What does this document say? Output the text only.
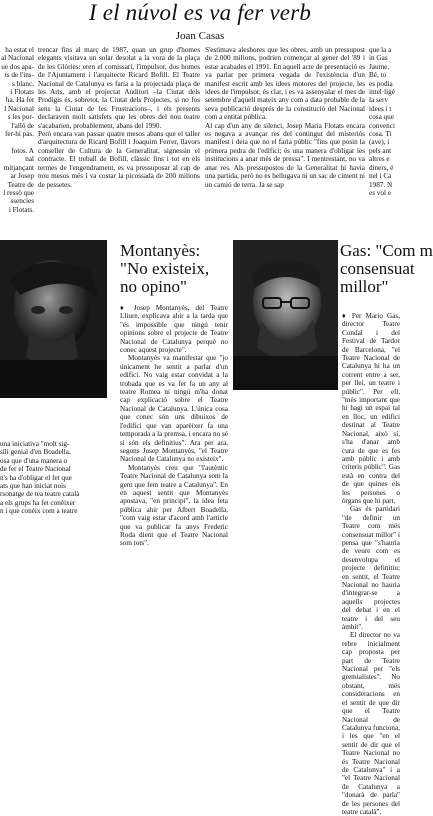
I el núvol es va fer verb
Joan Casas
ha estat el
al Nacional
ue dos apa-
ts de l'ins-
s blanc,
i Flotats
ha. Ha fet
l Nacional
s les por-
l'alló de
fer-hi pas.

fotos. A
nal mitjançant
ar Josep
Teatre de
l ressò que
ssencies
i Flotats.
trencar fins al març de 1987, quan un grup d'homes elegants visitava un solar desolat a la vora de la plaça de les Glòries: eren el comissari, l'impulsor, dos homes de l'Ajuntament i l'arquitecte Ricard Bofill. El Teatre Nacional de Catalunya es faria a la projectada plaça de les Arts, amb el projectat Auditori –la Ciutat dels Prodigis és, sobretot, la Ciutat dels Projectes, si no fos sens la Ciutat de les Frustracions–, i els presents declaraven molt satisfets que les obres del nou teatre s'acabarien, probablement, abans del 1990.
Però encara van passar quatre mesos abans que el taller d'arquitectura de Ricard Bofill i Joaquim Ferrer, llavors conseller de Cultura de la Generalitat, signessin el contracte. El treball de Bofill, clàssic fins i tot en els termes de l'engendrament, es va pressuposar al cap de nou mesos més i va costar la picossada de 200 milions de pessetes.
S'estimava aleshores que les obres, amb un pressupost de 2.000 milions, podrien començar al gener del '89 i estar acabades el 1991. En aquell acte de presentació es va parlar per primera vegada de l'existència d'un manifest escrit amb les idees motores del projecte, les idees de l'impulsor, és clar, i es va assenyalar el mes de setembre d'aquell mateix any com a data probable de la seva publicació després de la constitució del Nacional com a entitat pública.
Al cap d'un any de silenci, Josep Maria Flotats encara es negava a avançar res del contingut del misteriós manifest i deia que no el faria públic "fins que posin la primera pedra de l'edifici; és una manera d'obligar les institucions a anar més de pressa". I mentrestant, no va anar res. Als pressupostos de la Generalitat hi havia una partida, però no es bellugava ni un sac de ciment ni un camió de terra. Ja se sap
que la a
in Gas
Jaume.
Bé, to
es podia
intel·ligè
la serv
idees i t
cosa que
convenci
cosa. Ti
(ave), i
pels ant
altres e
diners, é
nel i Ca
1987. N
es vol e
una iniciativa "molt sig-
síli genial d'en Boadella,
osa que d'una manera o
de fer el Teatre Nacional
n's ha d'obligar el fet que
ats que han iniciat nois
rsonatge de tea teatre català
a els grups ha fet conèixer
n i que conèix com a teatre
Montanyès:
"No existeix,
no opino"

♦ Josep Montanyès, del Teatre Lliure, explicava ahir a la tarda que "és impossible que ningú tenir opinions sobre el projecte de Teatre Nacional de Catalunya perquè no conec aquest projecte".

Montanyès va manifestar que "jo únicament he sentit a parlar d'un edifici. No vaig estar convidat a la trobada que es va fer fa un any al teatre Romea ni ningú m'ha donat cap explicació sobre el Teatre Nacional de Catalunya. L'única cosa que conec són uns dibuixos de l'edifici que van aparèixer fa una temporada a la premsa, i encara no sé si són els definitius". Ara per ara, segons Josep Montanyès, "el Teatre Nacional de Catalunya no existeix".

Montanyès creu que "l'autèntic Teatre Nacional de Catalunya som la gent que fem teatre a Catalunya". En en aquest sentit que Montanyès apostava, "en principi", la idea feta pública ahir per Albert Boadella, "com vaig estar d'acord amb l'article que va publicar fa anys Frederic Roda dient que el Teatre Nacional som tots".

Gas: "Com m
consensuat
millor"

♦ Per Mario Gas, director Teatre Condal i del Festival de Tardor de Barcelona, "el Teatre Nacional de Catalunya hi ha un corrent entre a ser, per llei, un teatre i públic". Per ell, "més important que hi hagi un espai tal en lloc, un edifici destinat al Teatre Nacional, això sí, s'ha d'anar amb cura de que es fes amb públic i amb criteris públic". Gas està en contra del de que quines els les persones o òrgans que hi part.

Gas és partidari "de definir un Teatre com més consensuat millor" i pensa que "s'hauria de veure com es desenvolupa el projecte definitiu; en sentit, el Teatre Nacional no hauria d'integrar-se a aquells projectes del debat i en el teatre i del seu àmbit".

El director no va rebre inicialment cap proposta per part de Teatre Nacional per "els gremialistes". No obstant, més consideracions en el sentit de que dir que el Teatre Nacional de Catalunya funciona, i les que "en el sentit de dir que el Teatre Nacional no és Teatre Nacional de Catalunya" i a "el Teatre Nacional de Catalunya a "donarà de parla" de les persones del teatre català".
